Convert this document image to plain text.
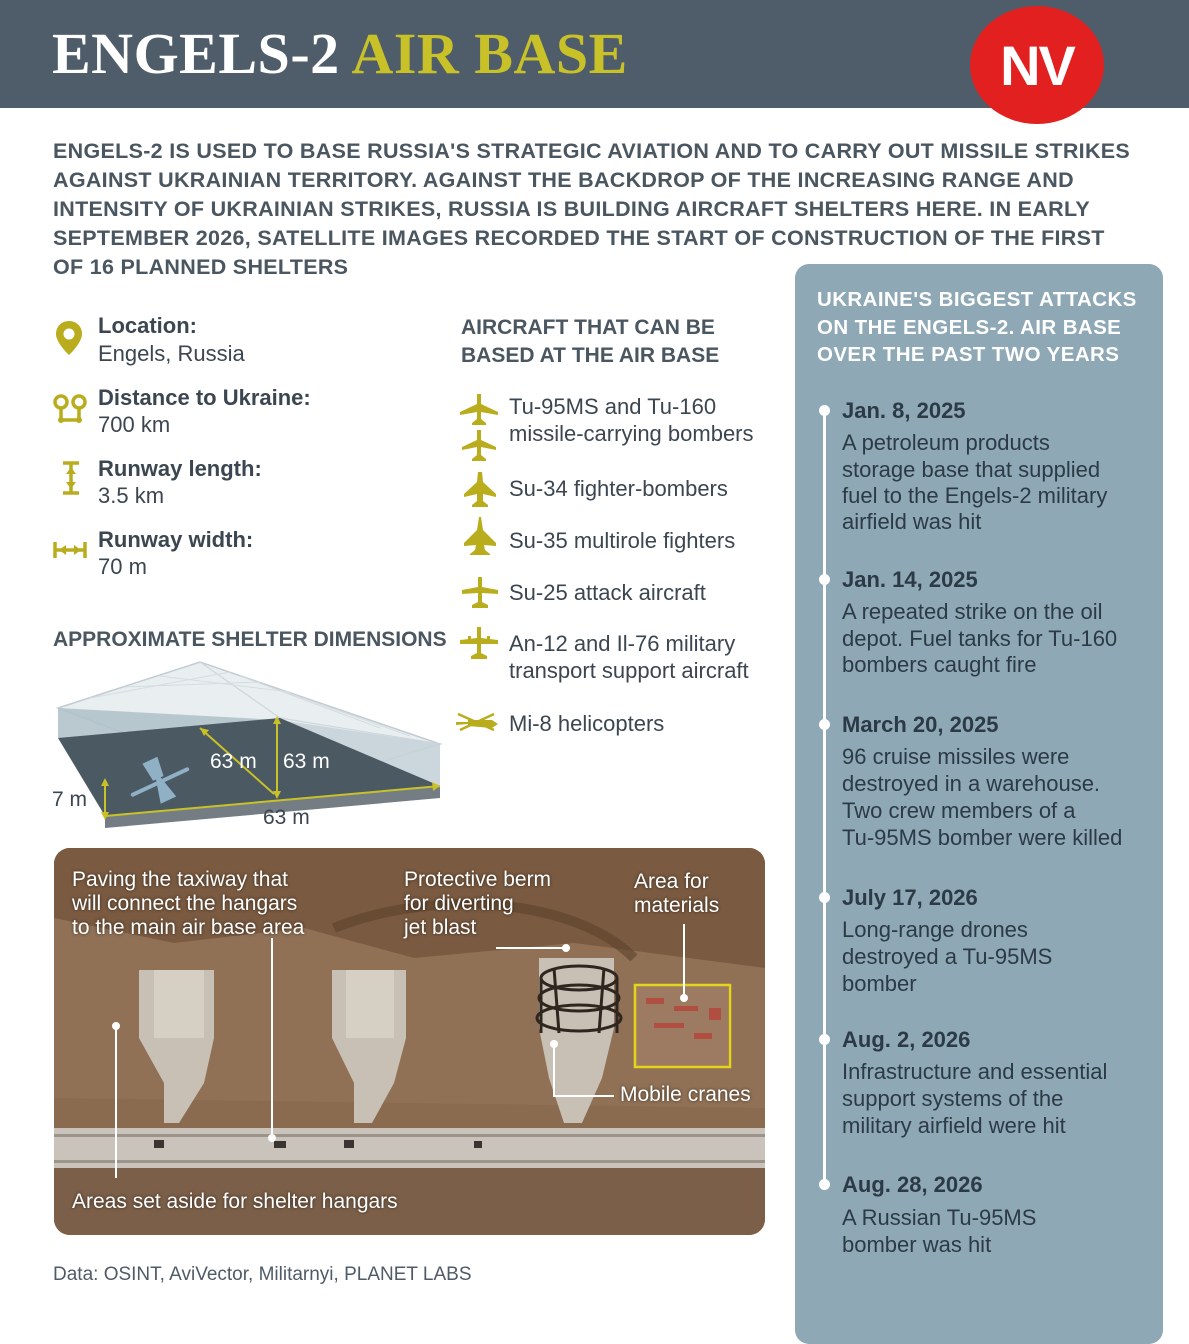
ENGELS-2 AIR BASE	NV
ENGELS-2 IS USED TO BASE RUSSIA'S STRATEGIC AVIATION AND TO CARRY OUT MISSILE STRIKES AGAINST UKRAINIAN TERRITORY. AGAINST THE BACKDROP OF THE INCREASING RANGE AND INTENSITY OF UKRAINIAN STRIKES, RUSSIA IS BUILDING AIRCRAFT SHELTERS HERE. IN EARLY SEPTEMBER 2026, SATELLITE IMAGES RECORDED THE START OF CONSTRUCTION OF THE FIRST OF 16 PLANNED SHELTERS
Location:
Engels, Russia
Distance to Ukraine:
700 km
Runway length:
3.5 km
Runway width:
70 m
APPROXIMATE SHELTER DIMENSIONS
7 m
63 m 63 m
63 m
AIRCRAFT THAT CAN BE
BASED AT THE AIR BASE
Tu-95MS and Tu-160
missile-carrying bombers
Su-34 fighter-bombers
Su-35 multirole fighters
Su-25 attack aircraft
An-12 and Il-76 military
transport support aircraft
Mi-8 helicopters
Paving the taxiway that
will connect the hangars
to the main air base area
Protective berm
for diverting
jet blast
Area for
materials
Mobile cranes
Areas set aside for shelter hangars
Data: OSINT, AviVector, Militarnyi, PLANET LABS
UKRAINE'S BIGGEST ATTACKS
ON THE ENGELS-2. AIR BASE
OVER THE PAST TWO YEARS
Jan. 8, 2025
A petroleum products
storage base that supplied
fuel to the Engels-2 military
airfield was hit
Jan. 14, 2025
A repeated strike on the oil
depot. Fuel tanks for Tu-160
bombers caught fire
March 20, 2025
96 cruise missiles were
destroyed in a warehouse.
Two crew members of a
Tu-95MS bomber were killed
July 17, 2026
Long-range drones
destroyed a Tu-95MS
bomber
Aug. 2, 2026
Infrastructure and essential
support systems of the
military airfield were hit
Aug. 28, 2026
A Russian Tu-95MS
bomber was hit
